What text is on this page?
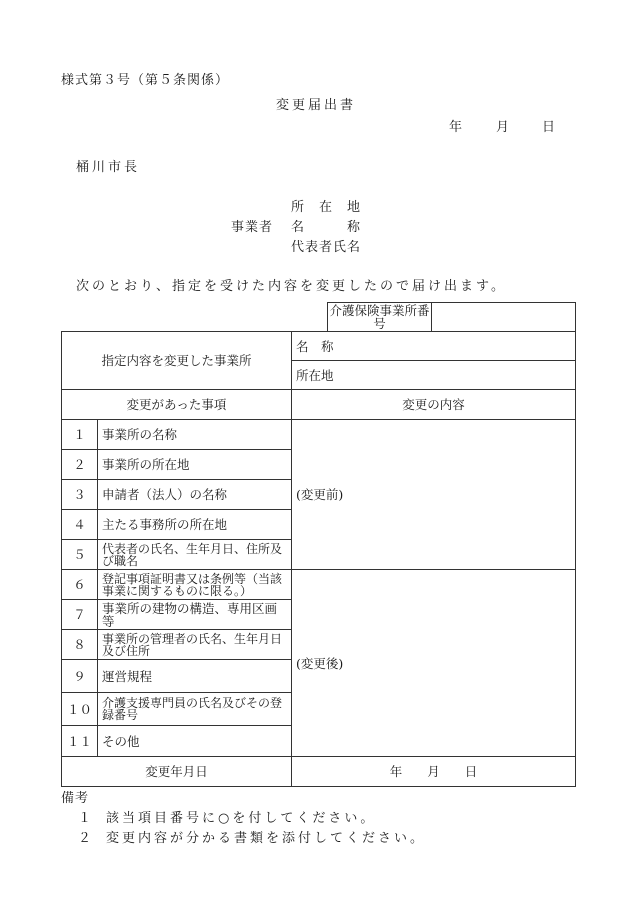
様式第３号（第５条関係）
変更届出書
年	月 日
桶川市長
所　在　地
事業者 名　　　称
代表者氏名
次のとおり、指定を受けた内容を変更したので届け出ます。
			介護保険事業所番号	
指定内容を変更した事業所		名　称		
		所在地		
変更があった事項		変更の内容		
１	事業所の名称	(変更前)		
２	事業所の所在地			
３	申請者（法人）の名称			
４	主たる事務所の所在地			
５	代表者の氏名、生年月日、住所及び職名			

６	登記事項証明書又は条例等（当該事業に関するものに限る。）	(変更後)		
７	事業所の建物の構造、専用区画等			
８	事業所の管理者の氏名、生年月日及び住所			

９	運営規程			
１０	介護支援専門員の氏名及びその登録番号			

１１	その他			
変更年月日		年　　月　　日		
備考
１ 該当項目番号に○を付してください。
２ 変更内容が分かる書類を添付してください。
